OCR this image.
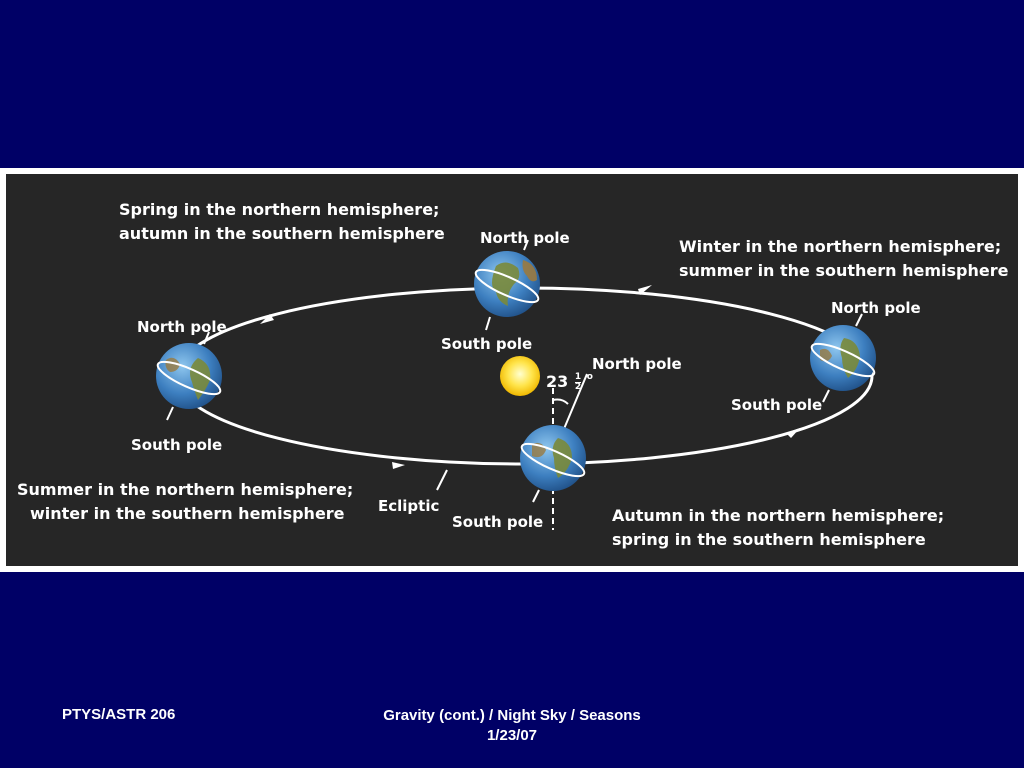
Spring in the northern hemisphere;
autumn in the southern hemisphere
Winter in the northern hemisphere;
summer in the southern hemisphere
Summer in the northern hemisphere;
winter in the southern hemisphere	Autumn in the northern hemisphere;
spring in the southern hemisphere
North pole
South pole
North pole
South pole
North pole
South pole
North pole
South pole
Ecliptic
$23 \frac{1}{2} ^o$
PTYS/ASTR 206	Gravity (cont.) / Night Sky / Seasons
1/23/07
